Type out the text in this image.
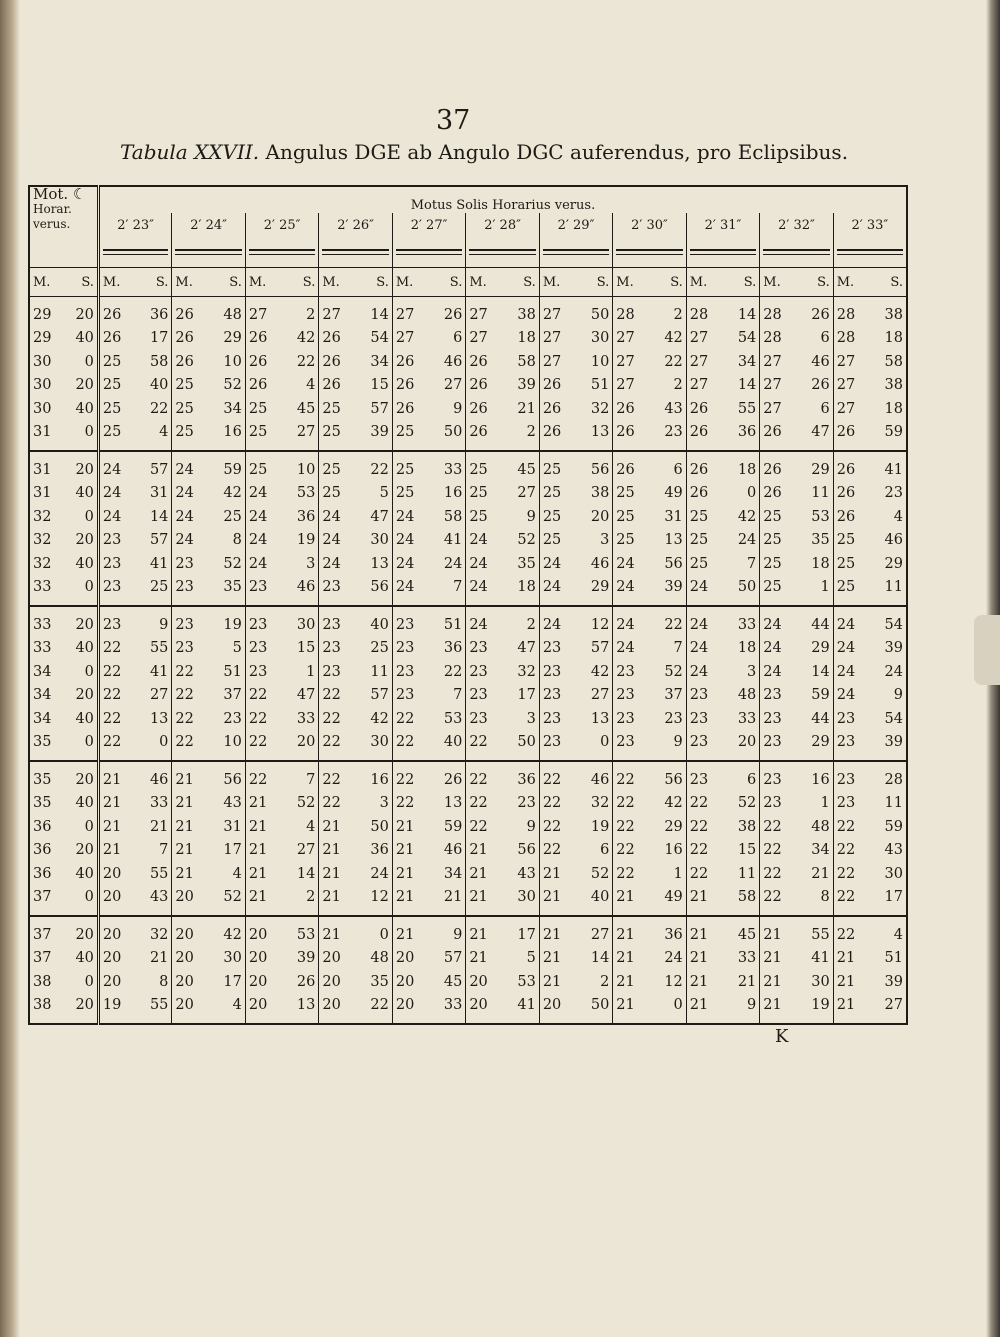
37
Tabula XXVII. Angulus DGE ab Angulo DGC auferendus, pro Eclipsibus.
Mot. ☾
Horar.
verus.	Motus Solis Horarius verus.										
	2′ 23″	2′ 24″	2′ 25″	2′ 26″	2′ 27″	2′ 28″	2′ 29″	2′ 30″	2′ 31″	2′ 32″	2′ 33″

M. S.	M. S.	M. S.	M. S.	M. S.	M. S.	M. S.	M. S.	M. S.	M. S.	M. S.	M. S.

29 20	26 36	26 48	27 2	27 14	27 26	27 38	27 50	28 2	28 14	28 26	28 38

29 40	26 17	26 29	26 42	26 54	27 6	27 18	27 30	27 42	27 54	28 6	28 18

30 0	25 58	26 10	26 22	26 34	26 46	26 58	27 10	27 22	27 34	27 46	27 58

30 20	25 40	25 52	26 4	26 15	26 27	26 39	26 51	27 2	27 14	27 26	27 38

30 40	25 22	25 34	25 45	25 57	26 9	26 21	26 32	26 43	26 55	27 6	27 18

31 0	25 4	25 16	25 27	25 39	25 50	26 2	26 13	26 23	26 36	26 47	26 59

31 20	24 57	24 59	25 10	25 22	25 33	25 45	25 56	26 6	26 18	26 29	26 41

31 40	24 31	24 42	24 53	25 5	25 16	25 27	25 38	25 49	26 0	26 11	26 23

32 0	24 14	24 25	24 36	24 47	24 58	25 9	25 20	25 31	25 42	25 53	26 4

32 20	23 57	24 8	24 19	24 30	24 41	24 52	25 3	25 13	25 24	25 35	25 46

32 40	23 41	23 52	24 3	24 13	24 24	24 35	24 46	24 56	25 7	25 18	25 29

33 0	23 25	23 35	23 46	23 56	24 7	24 18	24 29	24 39	24 50	25 1	25 11

33 20	23 9	23 19	23 30	23 40	23 51	24 2	24 12	24 22	24 33	24 44	24 54

33 40	22 55	23 5	23 15	23 25	23 36	23 47	23 57	24 7	24 18	24 29	24 39

34 0	22 41	22 51	23 1	23 11	23 22	23 32	23 42	23 52	24 3	24 14	24 24

34 20	22 27	22 37	22 47	22 57	23 7	23 17	23 27	23 37	23 48	23 59	24 9

34 40	22 13	22 23	22 33	22 42	22 53	23 3	23 13	23 23	23 33	23 44	23 54

35 0	22 0	22 10	22 20	22 30	22 40	22 50	23 0	23 9	23 20	23 29	23 39

35 20	21 46	21 56	22 7	22 16	22 26	22 36	22 46	22 56	23 6	23 16	23 28

35 40	21 33	21 43	21 52	22 3	22 13	22 23	22 32	22 42	22 52	23 1	23 11

36 0	21 21	21 31	21 4	21 50	21 59	22 9	22 19	22 29	22 38	22 48	22 59

36 20	21 7	21 17	21 27	21 36	21 46	21 56	22 6	22 16	22 15	22 34	22 43

36 40	20 55	21 4	21 14	21 24	21 34	21 43	21 52	22 1	22 11	22 21	22 30

37 0	20 43	20 52	21 2	21 12	21 21	21 30	21 40	21 49	21 58	22 8	22 17

37 20	20 32	20 42	20 53	21 0	21 9	21 17	21 27	21 36	21 45	21 55	22 4

37 40	20 21	20 30	20 39	20 48	20 57	21 5	21 14	21 24	21 33	21 41	21 51

38 0	20 8	20 17	20 26	20 35	20 45	20 53	21 2	21 12	21 21	21 30	21 39

38 20	19 55	20 4	20 13	20 22	20 33	20 41	20 50	21 0	21 9	21 19	21 27
K
